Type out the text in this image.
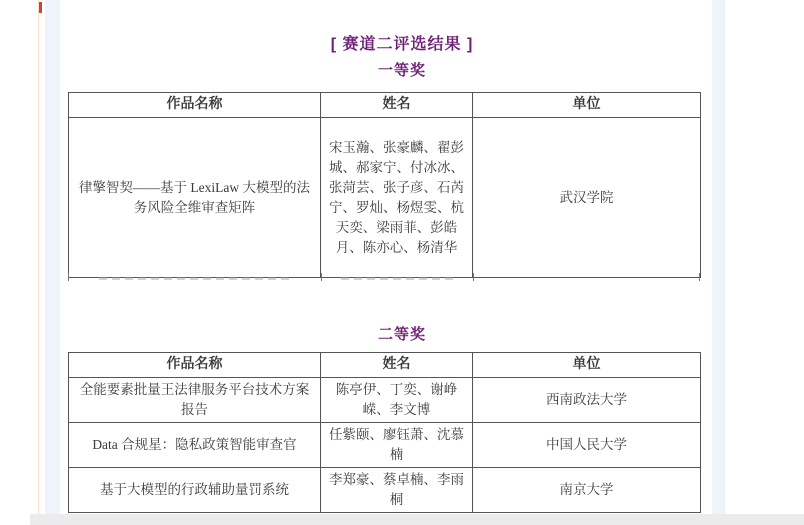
[ 赛道二评选结果 ]
一等奖
作品名称	姓名	单位
律擎智契——基于 LexiLaw 大模型的法务风险全维审查矩阵	宋玉瀚、张豪麟、翟彭城、郝家宁、付冰冰、张菏芸、张子彦、石芮宁、罗灿、杨煜雯、杭天奕、梁雨菲、彭皓月、陈亦心、杨清华	武汉学院
二等奖
作品名称	姓名	单位
全能要素批量王法律服务平台技术方案报告	陈亭伊、丁奕、谢峥嵘、李文博	西南政法大学
Data 合规星：隐私政策智能审查官	任紫颐、廖钰萧、沈慕楠	中国人民大学
基于大模型的行政辅助量罚系统	李郑豪、蔡卓楠、李雨桐	南京大学
